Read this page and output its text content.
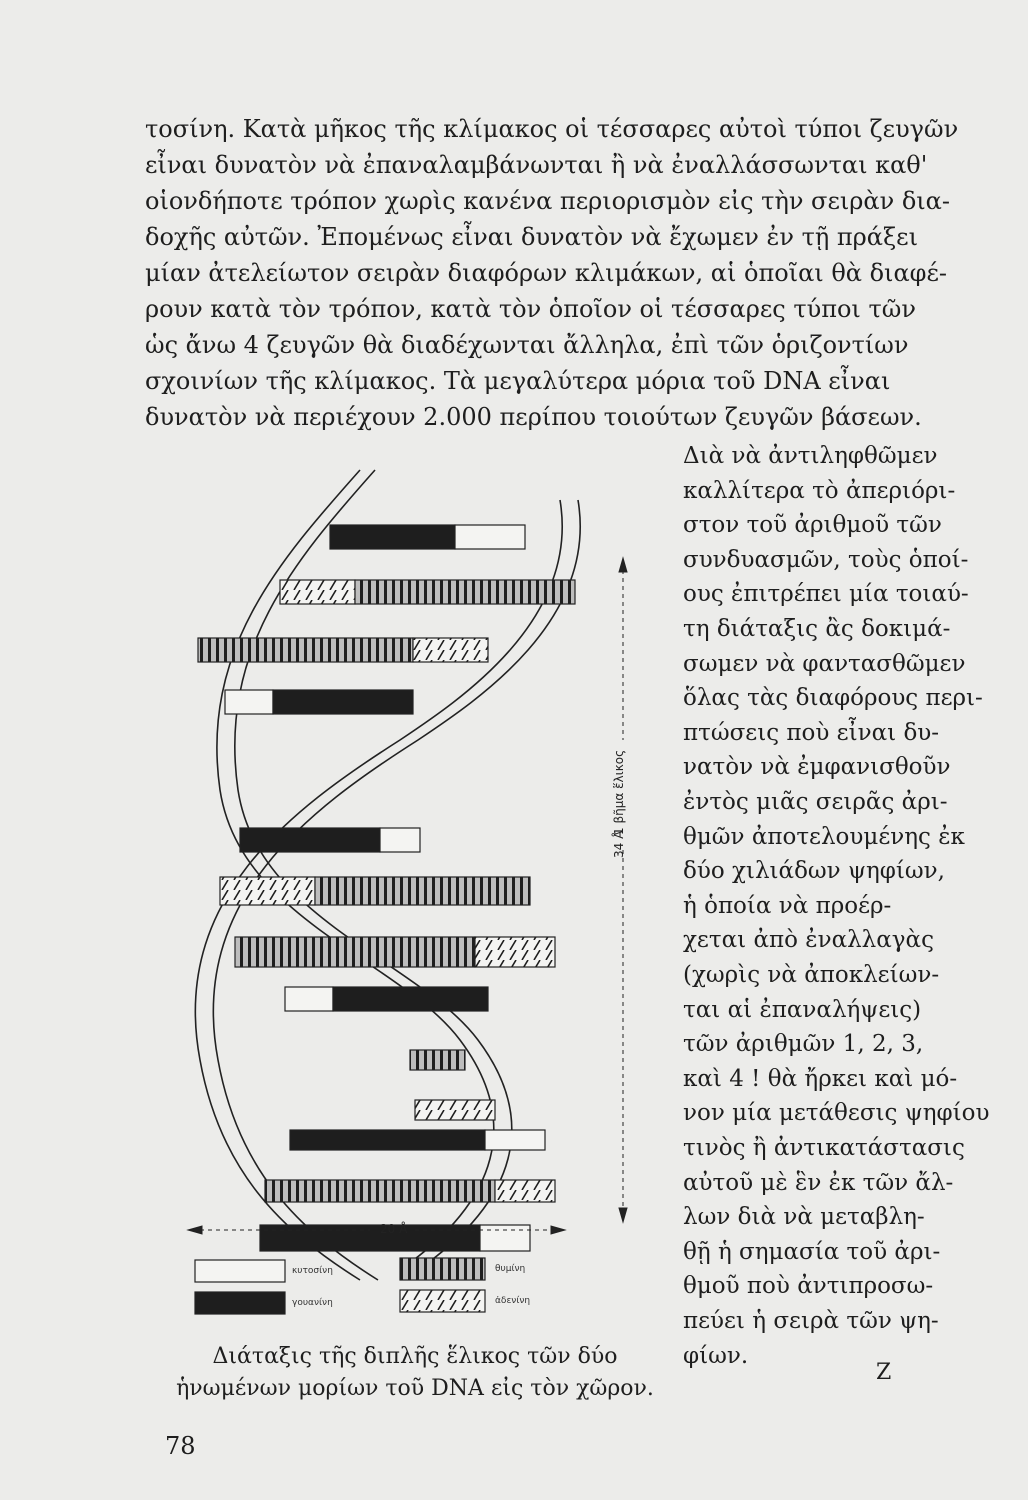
τοσίνη. Κατὰ μῆκος τῆς κλίμακος οἱ τέσσαρες αὐτοὶ τύποι ζευγῶν
εἶναι δυνατὸν νὰ ἐπαναλαμβάνωνται ἢ νὰ ἐναλλάσσωνται καθ'
οἱονδήποτε τρόπον χωρὶς κανένα περιορισμὸν εἰς τὴν σειρὰν δια-
δοχῆς αὐτῶν. Ἐπομένως εἶναι δυνατὸν νὰ ἔχωμεν ἐν τῇ πράξει
μίαν ἀτελείωτον σειρὰν διαφόρων κλιμάκων, αἱ ὁποῖαι θὰ διαφέ-
ρουν κατὰ τὸν τρόπον, κατὰ τὸν ὁποῖον οἱ τέσσαρες τύποι τῶν
ὡς ἄνω 4 ζευγῶν θὰ διαδέχωνται ἄλληλα, ἐπὶ τῶν ὁριζοντίων
σχοινίων τῆς κλίμακος. Τὰ μεγαλύτερα μόρια τοῦ DNA εἶναι
δυνατὸν νὰ περιέχουν 2.000 περίπου τοιούτων ζευγῶν βάσεων.
Διὰ νὰ ἀντιληφθῶμεν
καλλίτερα τὸ ἀπεριόρι-
στον τοῦ ἀριθμοῦ τῶν
συνδυασμῶν, τοὺς ὁποί-
ους ἐπιτρέπει μία τοιαύ-
τη διάταξις ἂς δοκιμά-
σωμεν νὰ φαντασθῶμεν
ὅλας τὰς διαφόρους περι-
πτώσεις ποὺ εἶναι δυ-
νατὸν νὰ ἐμφανισθοῦν
ἐντὸς μιᾶς σειρᾶς ἀρι-
θμῶν ἀποτελουμένης ἐκ
δύο χιλιάδων ψηφίων,
ἡ ὁποία νὰ προέρ-
χεται ἀπὸ ἐναλλαγὰς
(χωρὶς νὰ ἀποκλείων-
ται αἱ ἐπαναλήψεις)
τῶν ἀριθμῶν 1, 2, 3,
καὶ 4 ! θὰ ἤρκει καὶ μό-
νον μία μετάθεσις ψηφίου
τινὸς ἢ ἀντικατάστασις
αὐτοῦ μὲ ἓν ἐκ τῶν ἄλ-
λων διὰ νὰ μεταβλη-
θῇ ἡ σημασία τοῦ ἀρι-
θμοῦ ποὺ ἀντιπροσω-
πεύει ἡ σειρὰ τῶν ψη-
φίων.
1 βῆμα ἕλικος
34 Å
20 Å
κυτοσίνη
γουανίνη
θυμίνη
ἀδενίνη
Διάταξις τῆς διπλῆς ἕλικος τῶν δύο
ἡνωμένων μορίων τοῦ DNA εἰς τὸν χῶρον.
78
Ζ
